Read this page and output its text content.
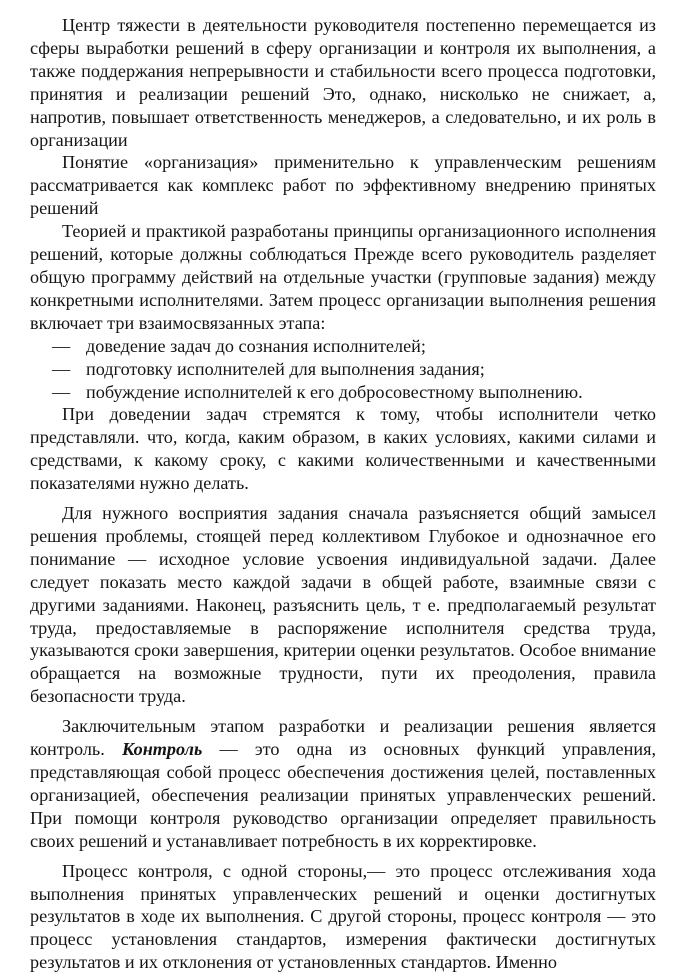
Центр тяжести в деятельности руководителя постепенно перемещается из сферы выработки решений в сферу организации и контроля их выполнения, а также поддержания непрерывности и стабильности всего процесса подготовки, принятия и реализации решений Это, однако, нисколько не снижает, а, напротив, повышает ответственность менеджеров, а следовательно, и их роль в организации

Понятие «организация» применительно к управленческим решениям рассматривается как комплекс работ по эффективному внедрению принятых решений

Теорией и практикой разработаны принципы организационного исполнения решений, которые должны соблюдаться Прежде всего руководитель разделяет общую программу действий на отдельные участки (групповые задания) между конкретными исполнителями. Затем процесс организации выполнения решения включает три взаимосвязанных этапа:

— доведение задач до сознания исполнителей;
— подготовку исполнителей для выполнения задания;
— побуждение исполнителей к его добросовестному выполнению.

При доведении задач стремятся к тому, чтобы исполнители четко представляли. что, когда, каким образом, в каких условиях, какими силами и средствами, к какому сроку, с какими количественными и качественными показателями нужно делать.

Для нужного восприятия задания сначала разъясняется общий замысел решения проблемы, стоящей перед коллективом Глубокое и однозначное его понимание — исходное условие усвоения индивидуальной задачи. Далее следует показать место каждой задачи в общей работе, взаимные связи с другими заданиями. Наконец, разъяснить цель, т е. предполагаемый результат труда, предоставляемые в распоряжение исполнителя средства труда, указываются сроки завершения, критерии оценки результатов. Особое внимание обращается на возможные трудности, пути их преодоления, правила безопасности труда.

Заключительным этапом разработки и реализации решения является контроль. Контроль — это одна из основных функций управления, представляющая собой процесс обеспечения достижения целей, поставленных организацией, обеспечения реализации принятых управленческих решений. При помощи контроля руководство организации определяет правильность своих решений и устанавливает потребность в их корректировке.

Процесс контроля, с одной стороны,— это процесс отслеживания хода выполнения принятых управленческих решений и оценки достигнутых результатов в ходе их выполнения. С другой стороны, процесс контроля — это процесс установления стандартов, измерения фактически достигнутых результатов и их отклонения от установленных стандартов. Именно
